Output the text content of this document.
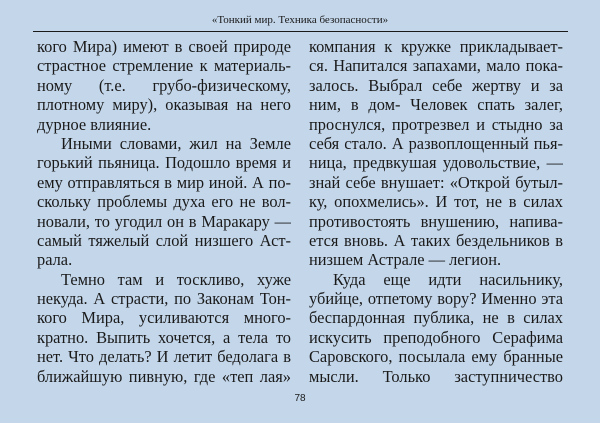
«Тонкий мир. Техника безопасности»
кого Мира) имеют в своей природе
страстное стремление к материаль-
ному (т.е. грубо-физическому,
плотному миру), оказывая на него
дурное влияние.
Иными словами, жил на Земле
горький пьяница. Подошло время и
ему отправляться в мир иной. А по-
скольку проблемы духа его не вол-
новали, то угодил он в Маракару —
самый тяжелый слой низшего Аст-
рала.
Темно там и тоскливо, хуже
некуда. А страсти, по Законам Тон-
кого Мира, усиливаются много-
кратно. Выпить хочется, а тела то
нет. Что делать? И летит бедолага в
ближайшую пивную, где «теп лая»
компания к кружке прикладывает-
ся. Напитался запахами, мало пока-
залось. Выбрал себе жертву и за
ним, в дом- Человек спать залег,
проснулся, протрезвел и стыдно за
себя стало. А развоплощенный пья-
ница, предвкушая удовольствие, —
знай себе внушает: «Открой бутыл-
ку, опохмелись». И тот, не в силах
противостоять внушению, напива-
ется вновь. А таких бездельников в
низшем Астрале — легион.
Куда еще идти насильнику,
убийце, отпетому вору? Именно эта
беспардонная публика, не в силах
искусить преподобного Серафима
Саровского, посылала ему бранные
мысли. Только заступничество
78
